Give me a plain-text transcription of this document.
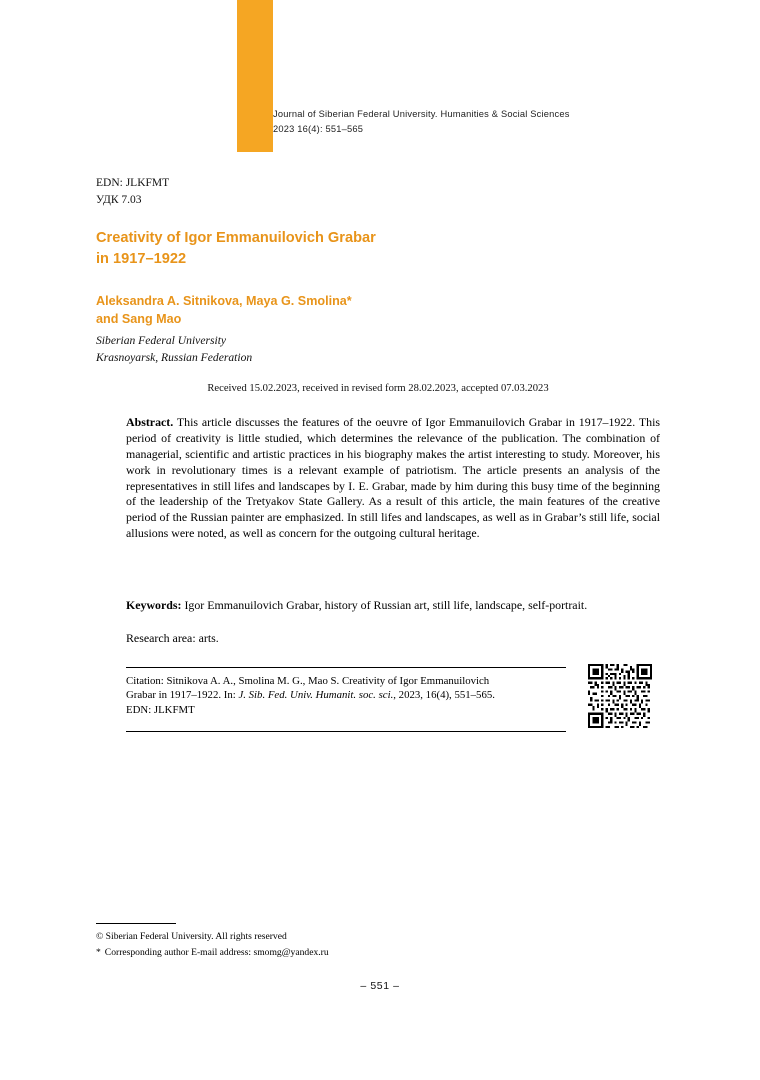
Journal of Siberian Federal University. Humanities & Social Sciences
2023 16(4): 551–565
EDN: JLKFMT
УДК 7.03
Creativity of Igor Emmanuilovich Grabar
in 1917–1922
Aleksandra A. Sitnikova, Maya G. Smolina*
and Sang Mao
Siberian Federal University
Krasnoyarsk, Russian Federation
Received 15.02.2023, received in revised form 28.02.2023, accepted 07.03.2023
Abstract. This article discusses the features of the oeuvre of Igor Emmanuilovich Grabar in 1917–1922. This period of creativity is little studied, which determines the relevance of the publication. The combination of managerial, scientific and artistic practices in his biography makes the artist interesting to study. Moreover, his work in revolutionary times is a relevant example of patriotism. The article presents an analysis of the representatives in still lifes and landscapes by I. E. Grabar, made by him during this busy time of the beginning of the leadership of the Tretyakov State Gallery. As a result of this article, the main features of the creative period of the Russian painter are emphasized. In still lifes and landscapes, as well as in Grabar’s still life, social allusions were noted, as well as concern for the outgoing cultural heritage.
Keywords: Igor Emmanuilovich Grabar, history of Russian art, still life, landscape, self-portrait.
Research area: arts.
Citation: Sitnikova A. A., Smolina M. G., Mao S. Creativity of Igor Emmanuilovich
Grabar in 1917–1922. In: J. Sib. Fed. Univ. Humanit. soc. sci., 2023, 16(4), 551–565.
EDN: JLKFMT
© Siberian Federal University. All rights reserved
* Corresponding author E-mail address: smomg@yandex.ru
– 551 –
